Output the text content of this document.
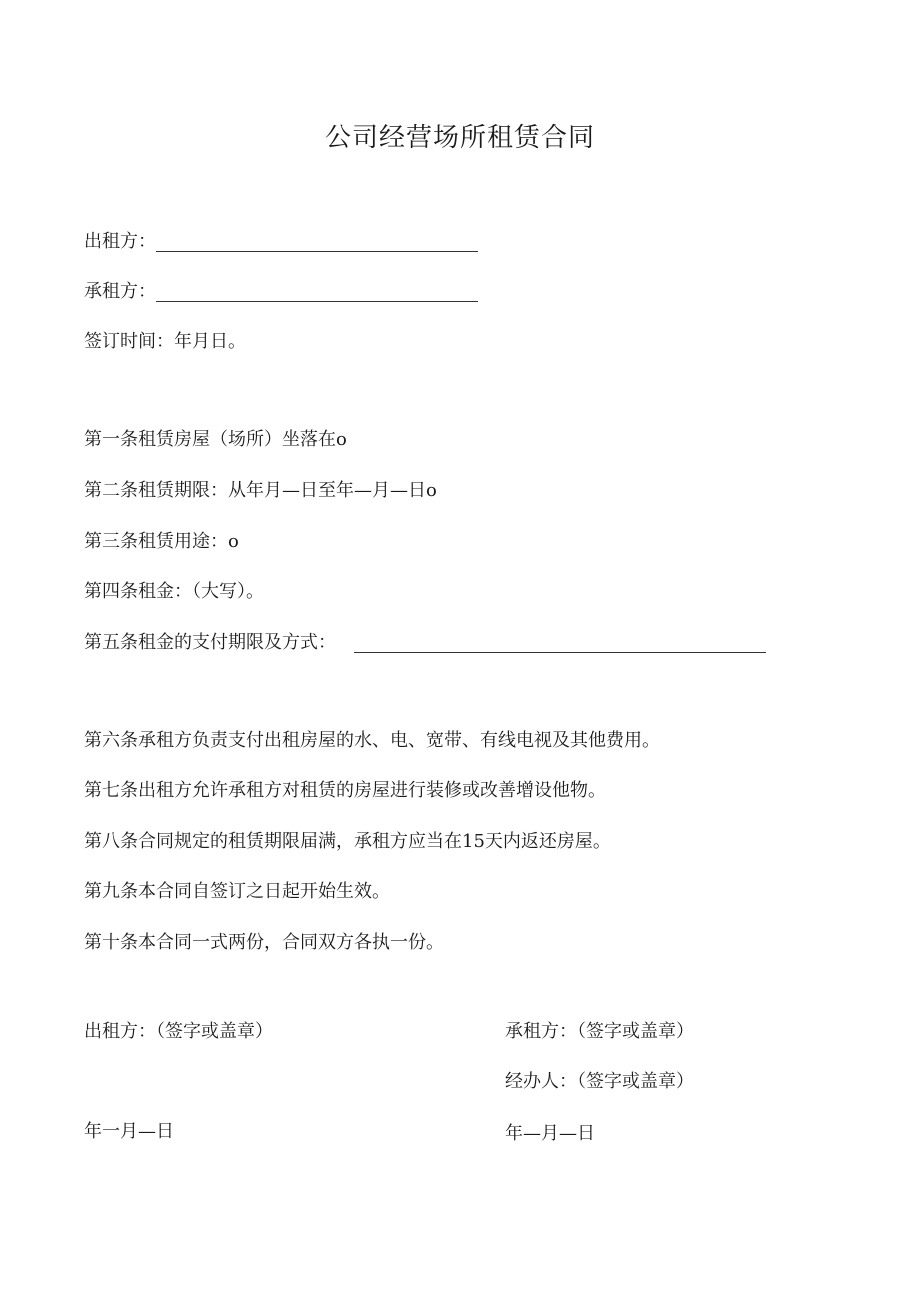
公司经营场所租赁合同
出租方：
承租方：
签订时间：年月日。
第一条租赁房屋（场所）坐落在o
第二条租赁期限：从年月—日至年—月—日o
第三条租赁用途：o
第四条租金：（大写）。
第五条租金的支付期限及方式：
第六条承租方负责支付出租房屋的水、电、宽带、有线电视及其他费用。
第七条出租方允许承租方对租赁的房屋进行装修或改善增设他物。
第八条合同规定的租赁期限届满，承租方应当在15天内返还房屋。
第九条本合同自签订之日起开始生效。
第十条本合同一式两份，合同双方各执一份。
出租方：（签字或盖章）
年一月—日
承租方：（签字或盖章）
经办人：（签字或盖章）
年—月—日
